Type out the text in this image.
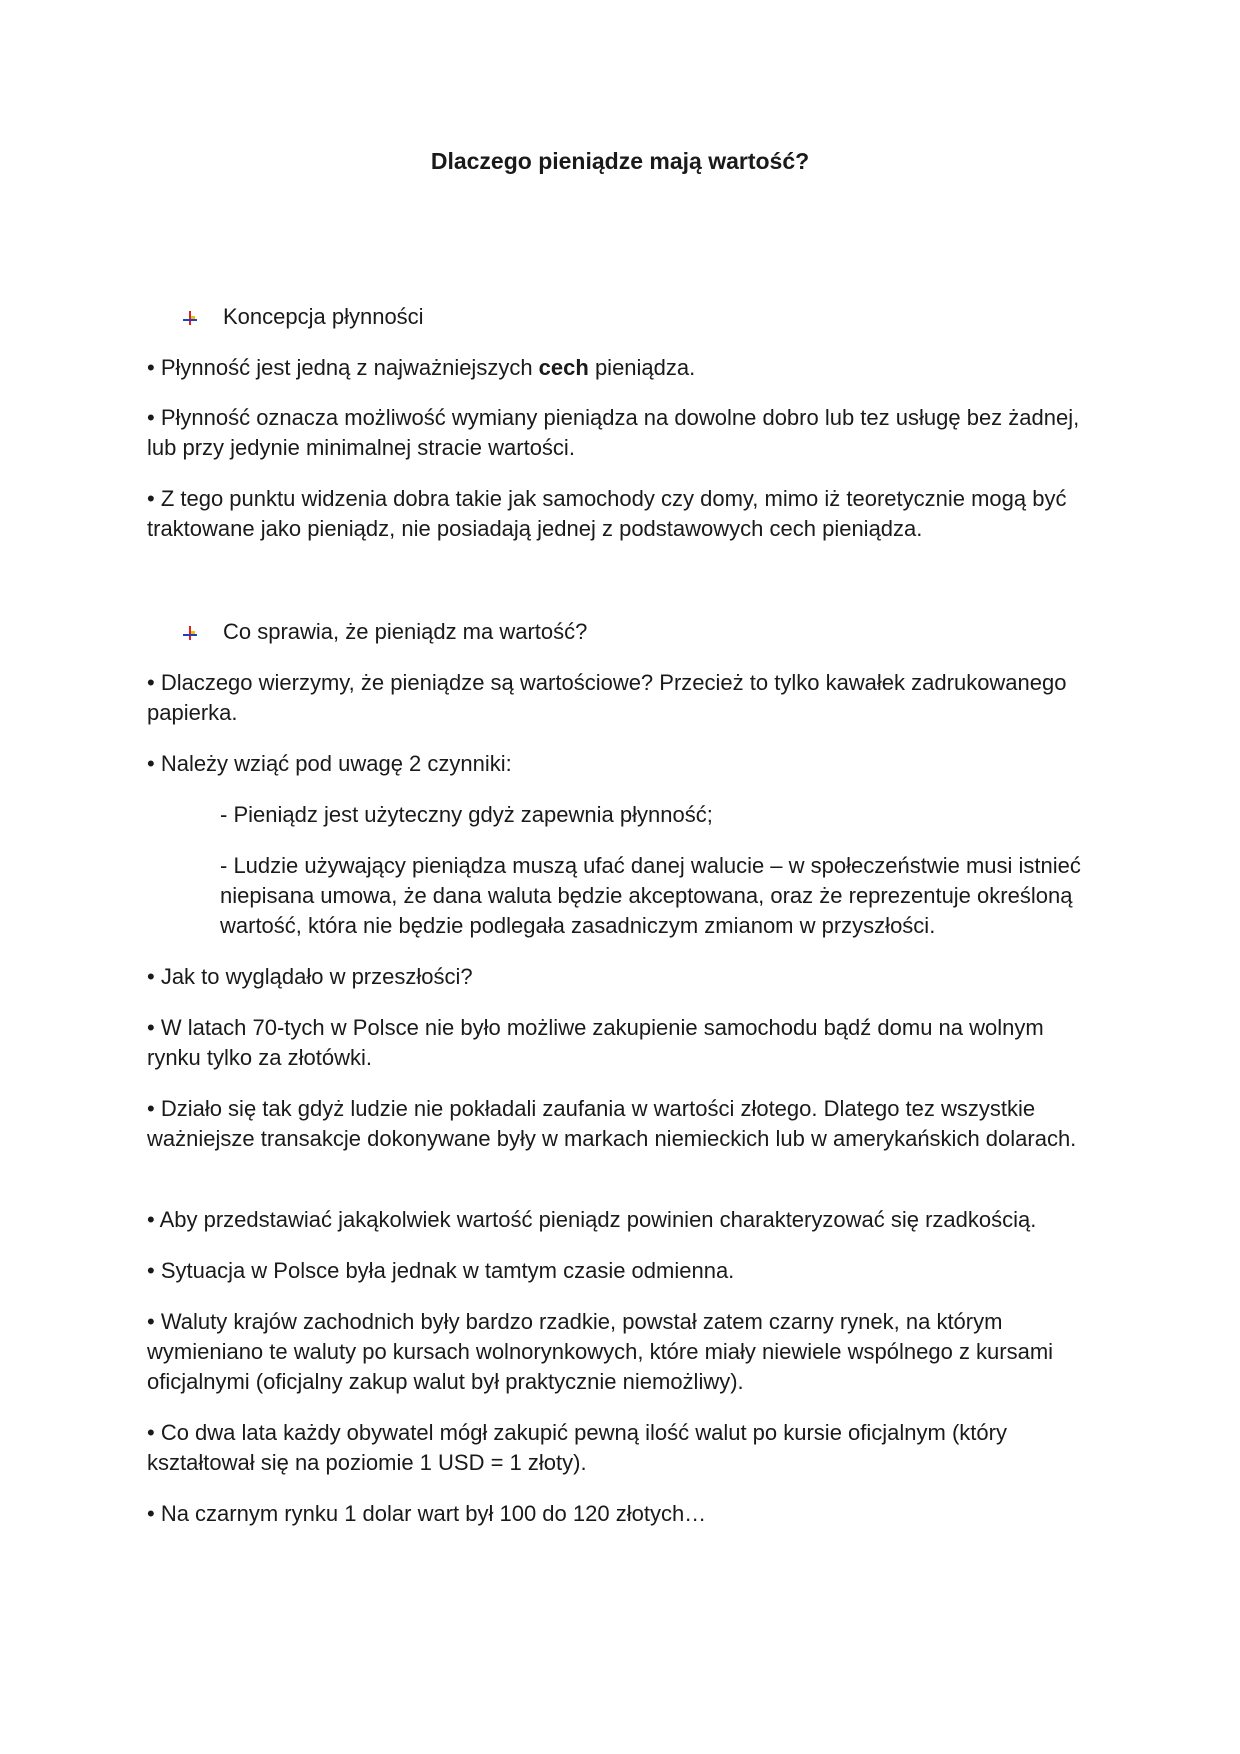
Dlaczego pieniądze mają wartość?
Koncepcja płynności

• Płynność jest jedną z najważniejszych cech pieniądza.

• Płynność oznacza możliwość wymiany pieniądza na dowolne dobro lub tez usługę bez żadnej, lub przy jedynie minimalnej stracie wartości.

• Z tego punktu widzenia dobra takie jak samochody czy domy, mimo iż teoretycznie mogą być traktowane jako pieniądz, nie posiadają jednej z podstawowych cech pieniądza.

Co sprawia, że pieniądz ma wartość?

• Dlaczego wierzymy, że pieniądze są wartościowe? Przecież to tylko kawałek zadrukowanego papierka.

• Należy wziąć pod uwagę 2 czynniki:

- Pieniądz jest użyteczny gdyż zapewnia płynność;

- Ludzie używający pieniądza muszą ufać danej walucie – w społeczeństwie musi istnieć niepisana umowa, że dana waluta będzie akceptowana, oraz że reprezentuje określoną wartość, która nie będzie podlegała zasadniczym zmianom w przyszłości.

• Jak to wyglądało w przeszłości?

• W latach 70-tych w Polsce nie było możliwe zakupienie samochodu bądź domu na wolnym rynku tylko za złotówki.

• Działo się tak gdyż ludzie nie pokładali zaufania w wartości złotego. Dlatego tez wszystkie ważniejsze transakcje dokonywane były w markach niemieckich lub w amerykańskich dolarach.

• Aby przedstawiać jakąkolwiek wartość pieniądz powinien charakteryzować się rzadkością.

• Sytuacja w Polsce była jednak w tamtym czasie odmienna.

• Waluty krajów zachodnich były bardzo rzadkie, powstał zatem czarny rynek, na którym wymieniano te waluty po kursach wolnorynkowych, które miały niewiele wspólnego z kursami oficjalnymi (oficjalny zakup walut był praktycznie niemożliwy).

• Co dwa lata każdy obywatel mógł zakupić pewną ilość walut po kursie oficjalnym (który kształtował się na poziomie 1 USD = 1 złoty).

• Na czarnym rynku 1 dolar wart był 100 do 120 złotych…
